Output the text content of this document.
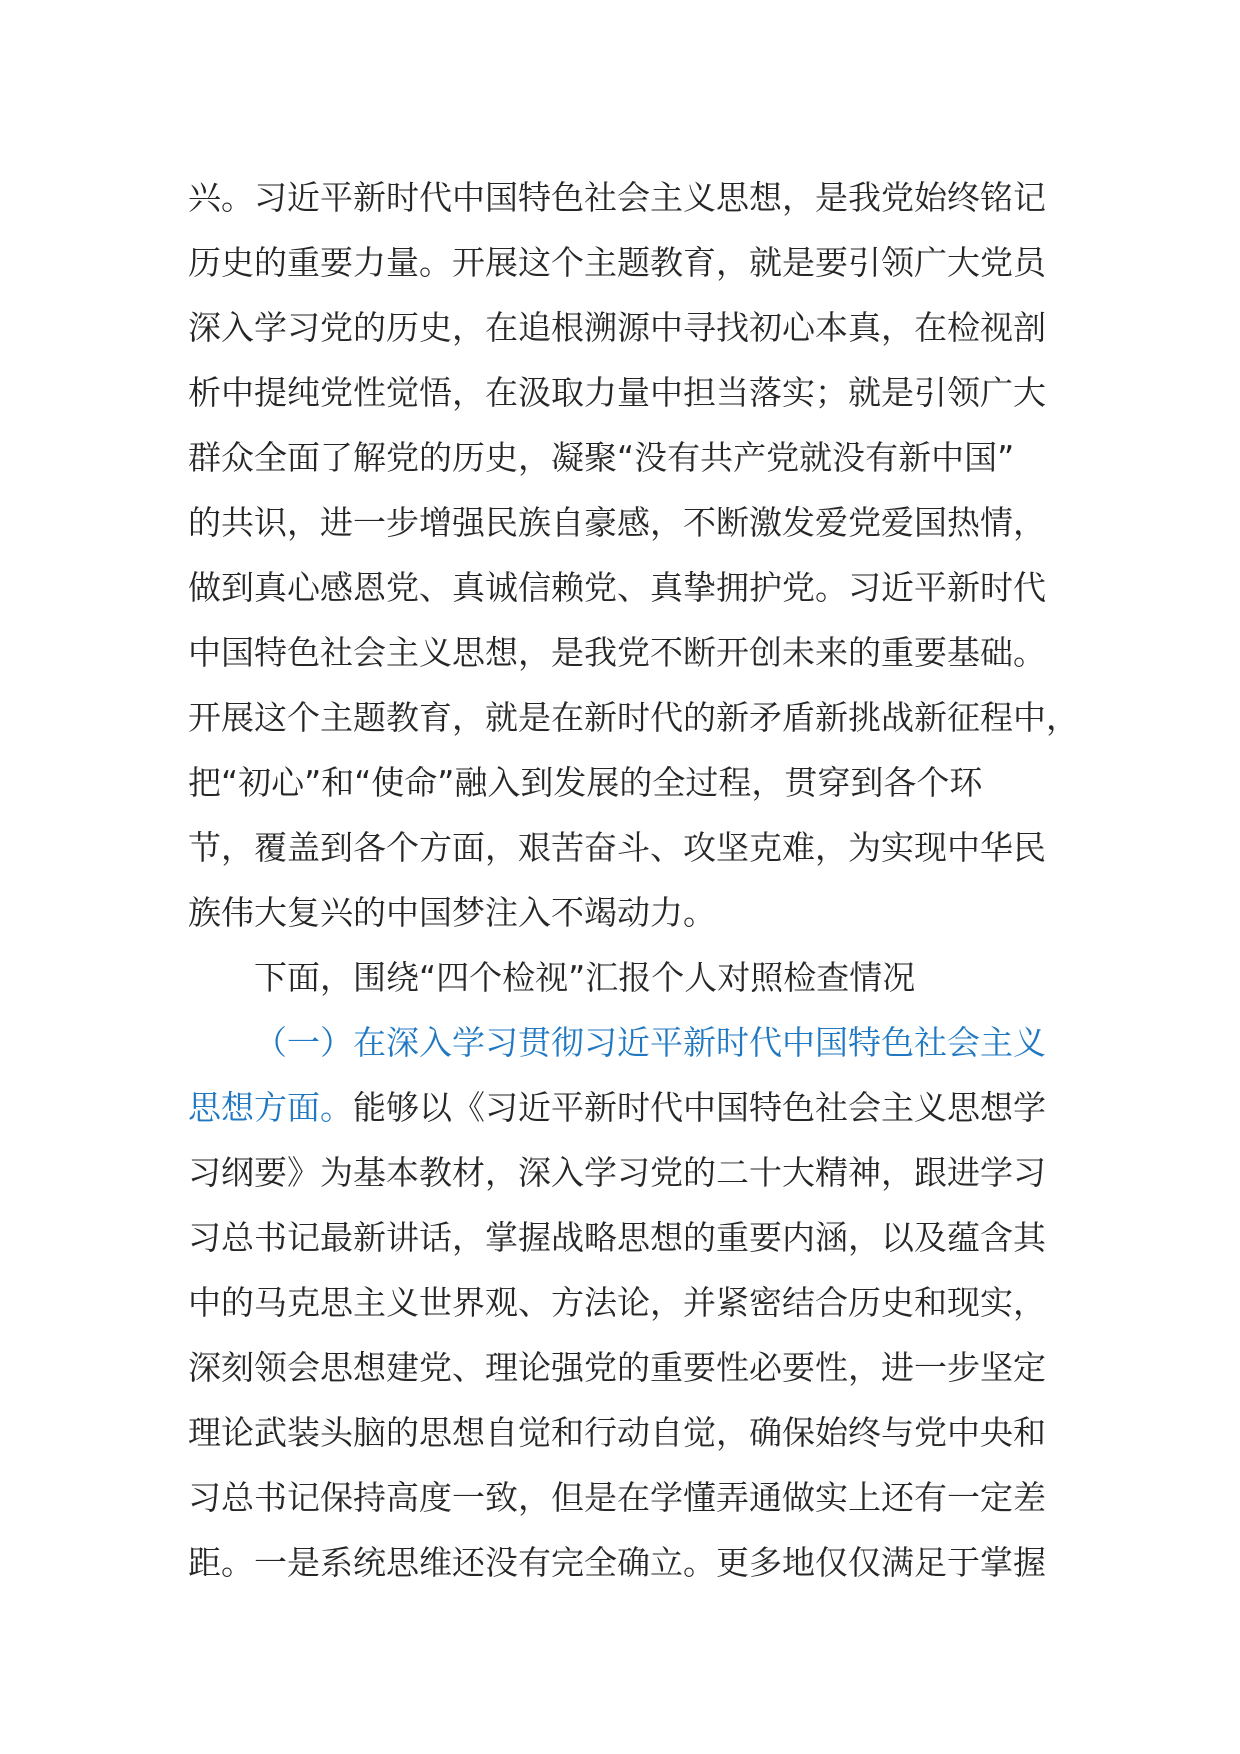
兴。习近平新时代中国特色社会主义思想，是我党始终铭记
历史的重要力量。开展这个主题教育，就是要引领广大党员
深入学习党的历史，在追根溯源中寻找初心本真，在检视剖
析中提纯党性觉悟，在汲取力量中担当落实；就是引领广大
群众全面了解党的历史，凝聚“没有共产党就没有新中国”
的共识，进一步增强民族自豪感，不断激发爱党爱国热情，
做到真心感恩党、真诚信赖党、真挚拥护党。习近平新时代
中国特色社会主义思想，是我党不断开创未来的重要基础。
开展这个主题教育，就是在新时代的新矛盾新挑战新征程中，
把“初心”和“使命”融入到发展的全过程，贯穿到各个环
节，覆盖到各个方面，艰苦奋斗、攻坚克难，为实现中华民
族伟大复兴的中国梦注入不竭动力。
下面，围绕“四个检视”汇报个人对照检查情况
（一）在深入学习贯彻习近平新时代中国特色社会主义
思想方面。能够以《习近平新时代中国特色社会主义思想学
习纲要》为基本教材，深入学习党的二十大精神，跟进学习
习总书记最新讲话，掌握战略思想的重要内涵，以及蕴含其
中的马克思主义世界观、方法论，并紧密结合历史和现实，
深刻领会思想建党、理论强党的重要性必要性，进一步坚定
理论武装头脑的思想自觉和行动自觉，确保始终与党中央和
习总书记保持高度一致，但是在学懂弄通做实上还有一定差
距。一是系统思维还没有完全确立。更多地仅仅满足于掌握
